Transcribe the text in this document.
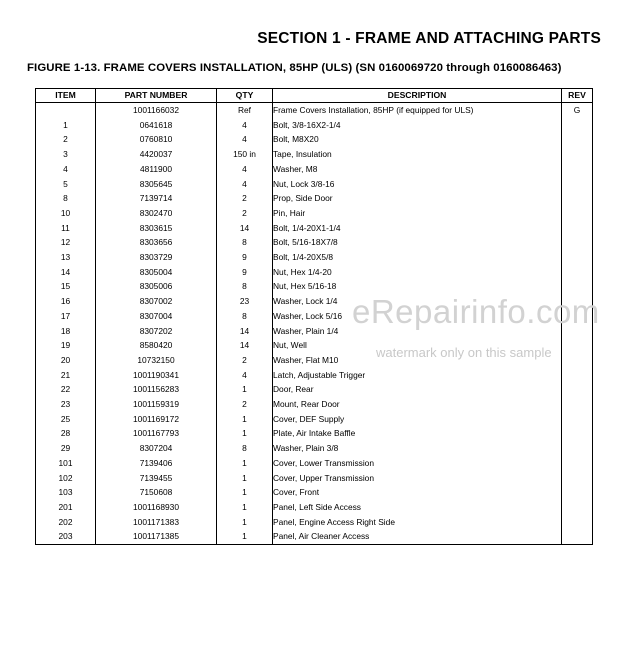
SECTION 1 - FRAME AND ATTACHING PARTS
FIGURE 1-13. FRAME COVERS INSTALLATION, 85HP (ULS) (SN 0160069720 through 0160086463)
ITEM	PART NUMBER	QTY	DESCRIPTION	REV
	1001166032	Ref	Frame Covers Installation, 85HP (if equipped for ULS)	G
1	0641618	4	Bolt, 3/8-16X2-1/4	
2	0760810	4	Bolt, M8X20	
3	4420037	150 in	Tape, Insulation	
4	4811900	4	Washer, M8	
5	8305645	4	Nut, Lock 3/8-16	
8	7139714	2	Prop, Side Door	
10	8302470	2	Pin, Hair	
11	8303615	14	Bolt, 1/4-20X1-1/4	
12	8303656	8	Bolt, 5/16-18X7/8	
13	8303729	9	Bolt, 1/4-20X5/8	
14	8305004	9	Nut, Hex 1/4-20	
15	8305006	8	Nut, Hex 5/16-18	
16	8307002	23	Washer, Lock 1/4	
17	8307004	8	Washer, Lock 5/16	
18	8307202	14	Washer, Plain 1/4	
19	8580420	14	Nut, Well	
20	10732150	2	Washer, Flat M10	
21	1001190341	4	Latch, Adjustable Trigger	
22	1001156283	1	Door, Rear	
23	1001159319	2	Mount, Rear Door	
25	1001169172	1	Cover, DEF Supply	
28	1001167793	1	Plate, Air Intake Baffle	
29	8307204	8	Washer, Plain 3/8	
101	7139406	1	Cover, Lower Transmission	
102	7139455	1	Cover, Upper Transmission	
103	7150608	1	Cover, Front	
201	1001168930	1	Panel, Left Side Access	
202	1001171383	1	Panel, Engine Access Right Side	
203	1001171385	1	Panel, Air Cleaner Access	
eRepairinfo.com
watermark only on this sample
